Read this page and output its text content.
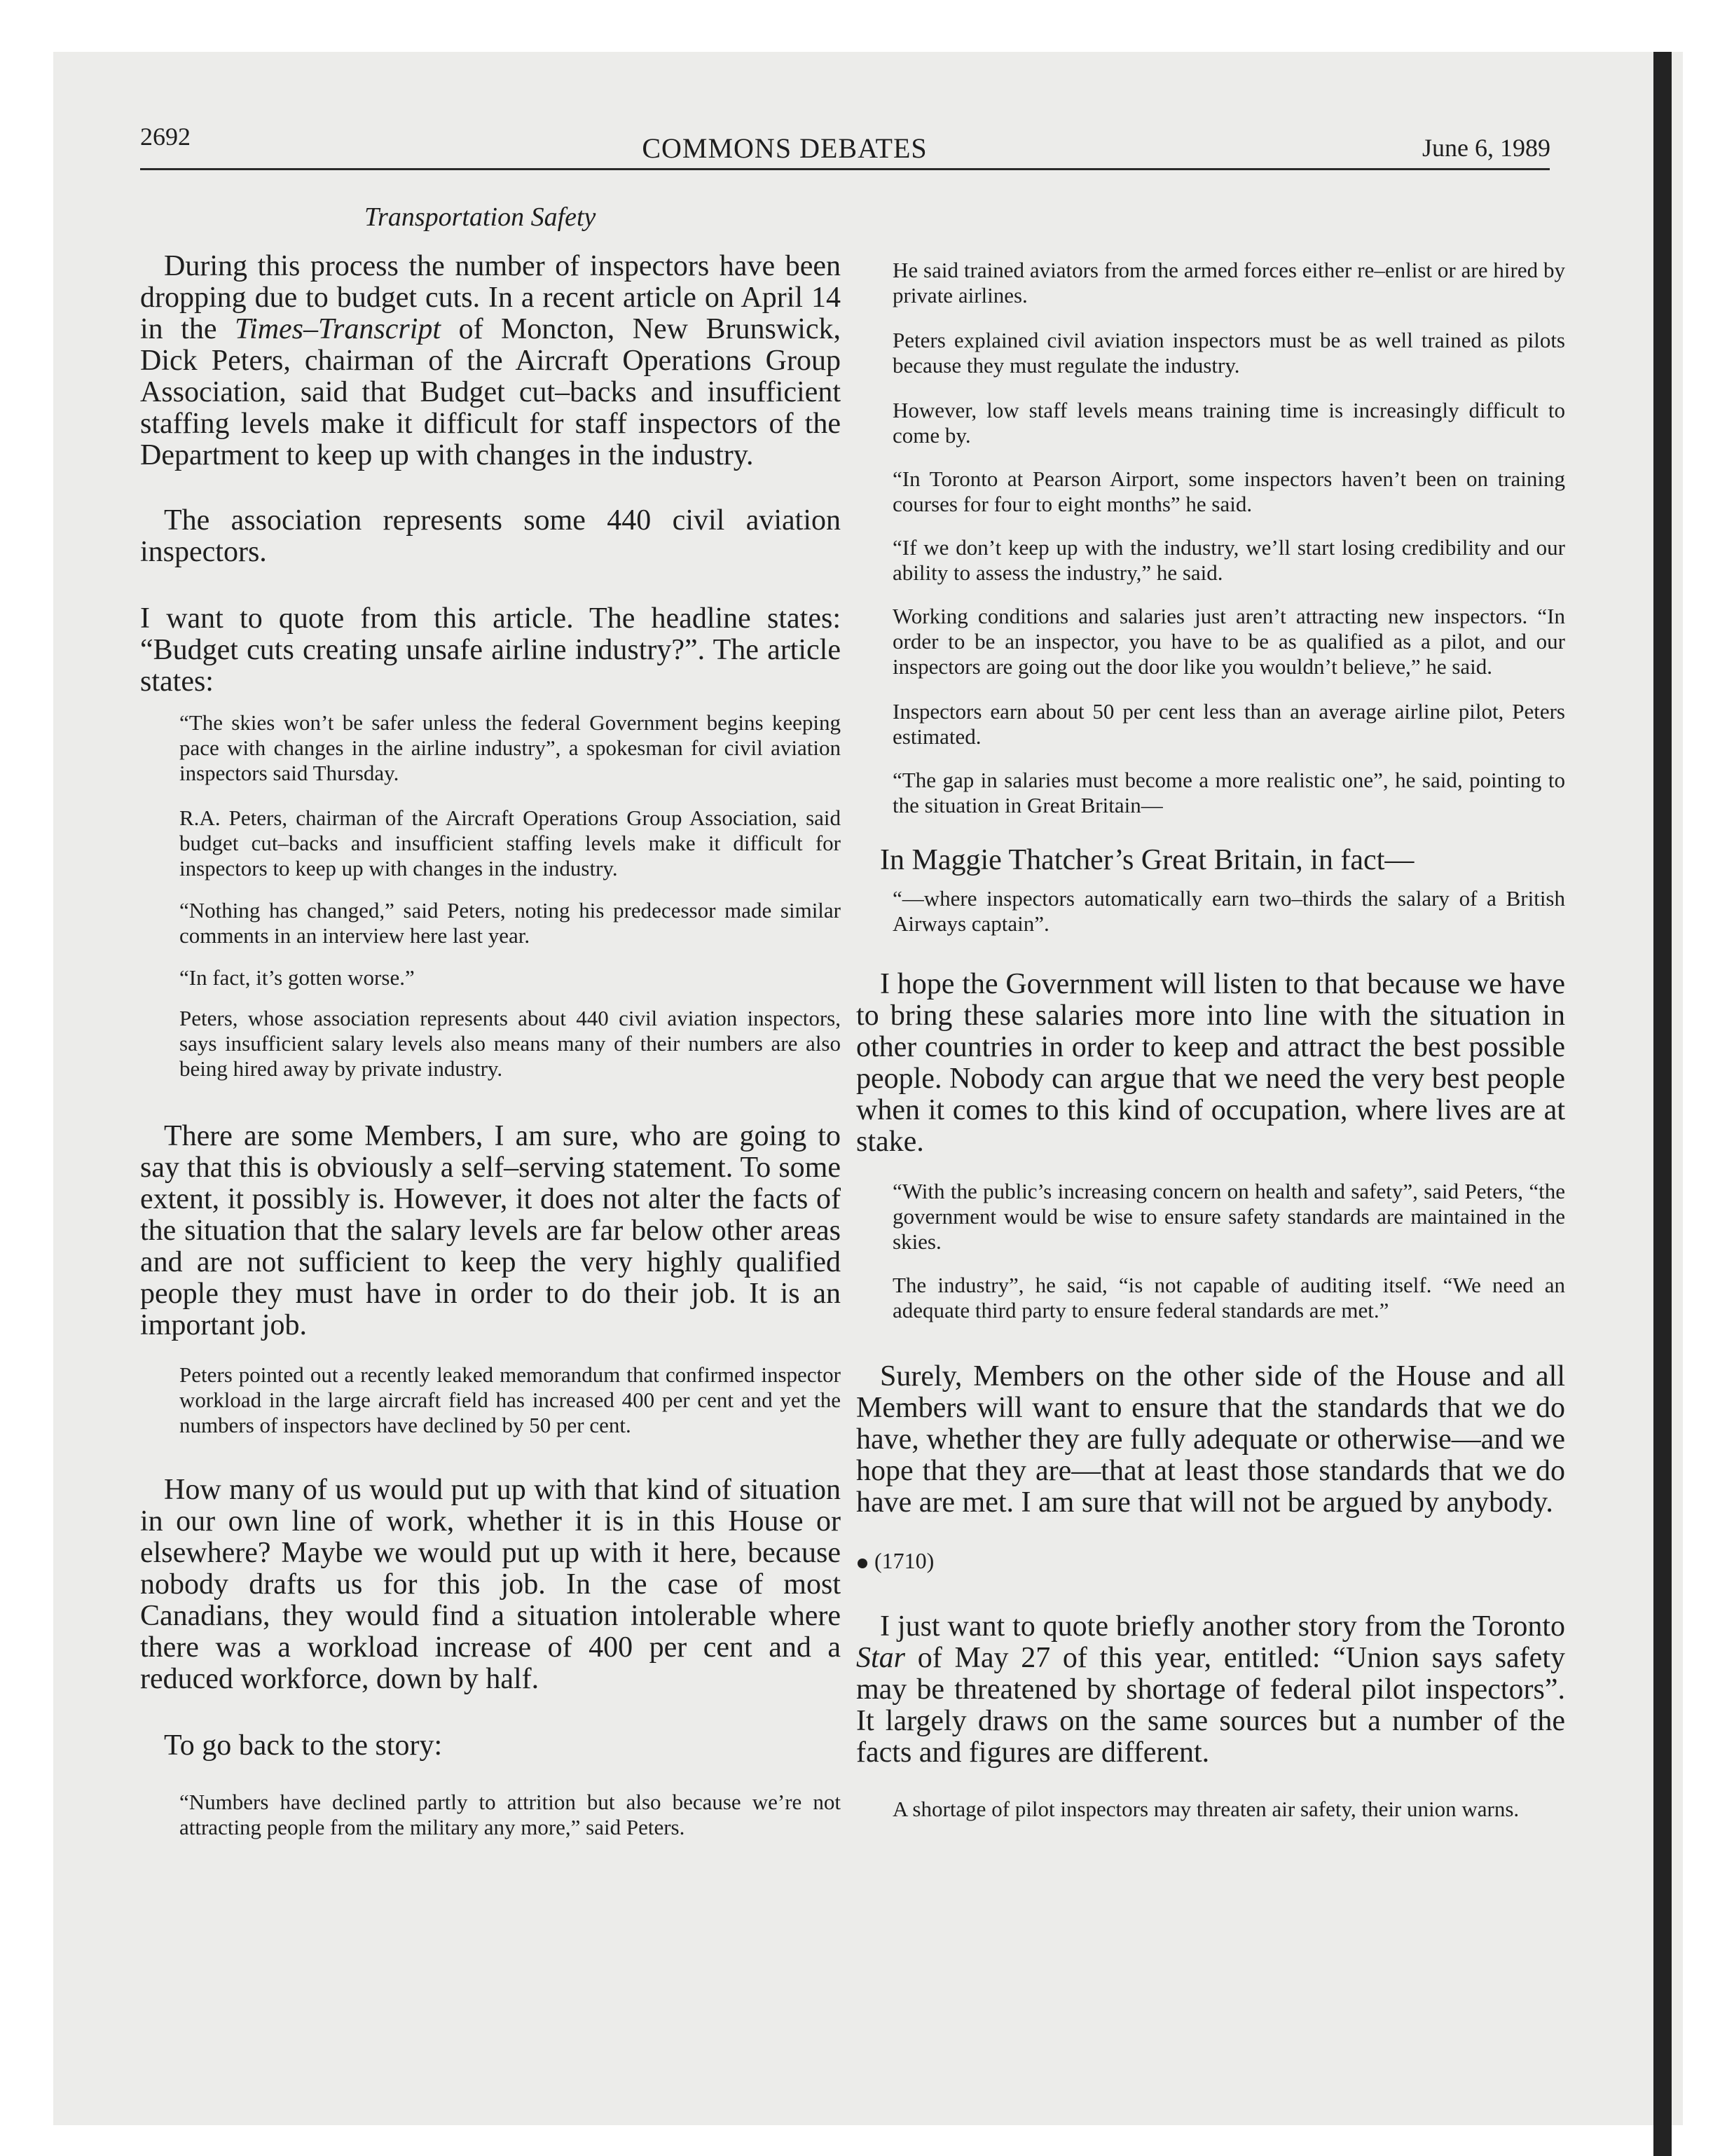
2692	COMMONS DEBATES	June 6, 1989
Transportation Safety

During this process the number of inspectors have been dropping due to budget cuts. In a recent article on April 14 in the Times–Transcript of Moncton, New Brunswick, Dick Peters, chairman of the Aircraft Operations Group Association, said that Budget cut–backs and insufficient staffing levels make it difficult for staff inspectors of the Department to keep up with changes in the industry.

The association represents some 440 civil aviation inspectors.

I want to quote from this article. The headline states: “Budget cuts creating unsafe airline industry?”. The article states:

“The skies won’t be safer unless the federal Government begins keeping pace with changes in the airline industry”, a spokesman for civil aviation inspectors said Thursday.

R.A. Peters, chairman of the Aircraft Operations Group Association, said budget cut–backs and insufficient staffing levels make it difficult for inspectors to keep up with changes in the industry.

“Nothing has changed,” said Peters, noting his predecessor made similar comments in an interview here last year.

“In fact, it’s gotten worse.”

Peters, whose association represents about 440 civil aviation inspectors, says insufficient salary levels also means many of their numbers are also being hired away by private industry.

There are some Members, I am sure, who are going to say that this is obviously a self–serving statement. To some extent, it possibly is. However, it does not alter the facts of the situation that the salary levels are far below other areas and are not sufficient to keep the very highly qualified people they must have in order to do their job. It is an important job.

Peters pointed out a recently leaked memorandum that confirmed inspector workload in the large aircraft field has increased 400 per cent and yet the numbers of inspectors have declined by 50 per cent.

How many of us would put up with that kind of situation in our own line of work, whether it is in this House or elsewhere? Maybe we would put up with it here, because nobody drafts us for this job. In the case of most Canadians, they would find a situation intolerable where there was a workload increase of 400 per cent and a reduced workforce, down by half.

To go back to the story:

“Numbers have declined partly to attrition but also because we’re not attracting people from the military any more,” said Peters.

He said trained aviators from the armed forces either re–enlist or are hired by private airlines.

Peters explained civil aviation inspectors must be as well trained as pilots because they must regulate the industry.

However, low staff levels means training time is increasingly difficult to come by.

“In Toronto at Pearson Airport, some inspectors haven’t been on training courses for four to eight months” he said.

“If we don’t keep up with the industry, we’ll start losing credibility and our ability to assess the industry,” he said.

Working conditions and salaries just aren’t attracting new inspectors. “In order to be an inspector, you have to be as qualified as a pilot, and our inspectors are going out the door like you wouldn’t believe,” he said.

Inspectors earn about 50 per cent less than an average airline pilot, Peters estimated.

“The gap in salaries must become a more realistic one”, he said, pointing to the situation in Great Britain—

In Maggie Thatcher’s Great Britain, in fact—

“—where inspectors automatically earn two–thirds the salary of a British Airways captain”.

I hope the Government will listen to that because we have to bring these salaries more into line with the situation in other countries in order to keep and attract the best possible people. Nobody can argue that we need the very best people when it comes to this kind of occupation, where lives are at stake.

“With the public’s increasing concern on health and safety”, said Peters, “the government would be wise to ensure safety standards are maintained in the skies.

The industry”, he said, “is not capable of auditing itself. “We need an adequate third party to ensure federal standards are met.”

Surely, Members on the other side of the House and all Members will want to ensure that the standards that we do have, whether they are fully adequate or otherwise—and we hope that they are—that at least those standards that we do have are met. I am sure that will not be argued by anybody.

(1710)

I just want to quote briefly another story from the Toronto Star of May 27 of this year, entitled: “Union says safety may be threatened by shortage of federal pilot inspectors”. It largely draws on the same sources but a number of the facts and figures are different.

A shortage of pilot inspectors may threaten air safety, their union warns.
